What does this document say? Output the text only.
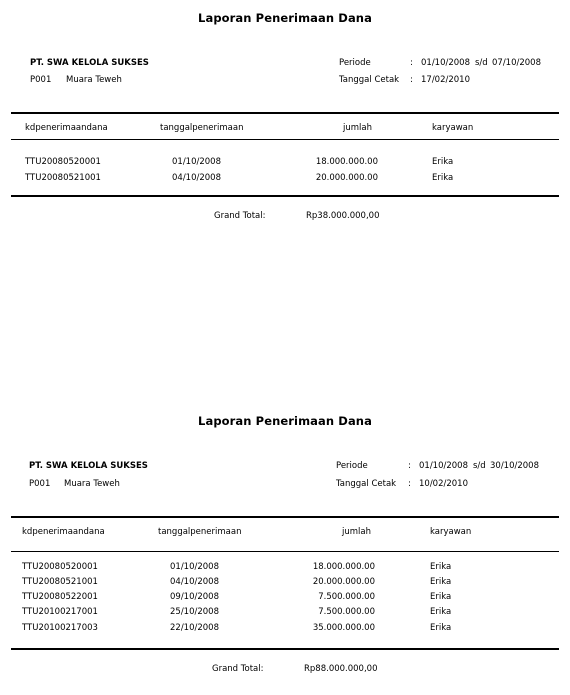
Laporan Penerimaan Dana
PT. SWA KELOLA SUKSES
P001 Muara Teweh
Periode	: 01/10/2008 s/d 07/10/2008
Tanggal Cetak : 17/02/2010
kdpenerimaandana	tanggalpenerimaan	jumlah	karyawan
TTU20080520001	01/10/2008	18.000.000.00	Erika
TTU20080521001	04/10/2008	20.000.000.00	Erika
Grand Total:	Rp38.000.000,00
Laporan Penerimaan Dana
PT. SWA KELOLA SUKSES
P001 Muara Teweh
Periode	: 01/10/2008 s/d 30/10/2008
Tanggal Cetak : 10/02/2010
kdpenerimaandana	tanggalpenerimaan	jumlah	karyawan
TTU20080520001	01/10/2008	18.000.000.00	Erika
TTU20080521001	04/10/2008	20.000.000.00	Erika
TTU20080522001	09/10/2008	7.500.000.00	Erika
TTU20100217001	25/10/2008	7.500.000.00	Erika
TTU20100217003	22/10/2008	35.000.000.00	Erika
Grand Total:	Rp88.000.000,00
